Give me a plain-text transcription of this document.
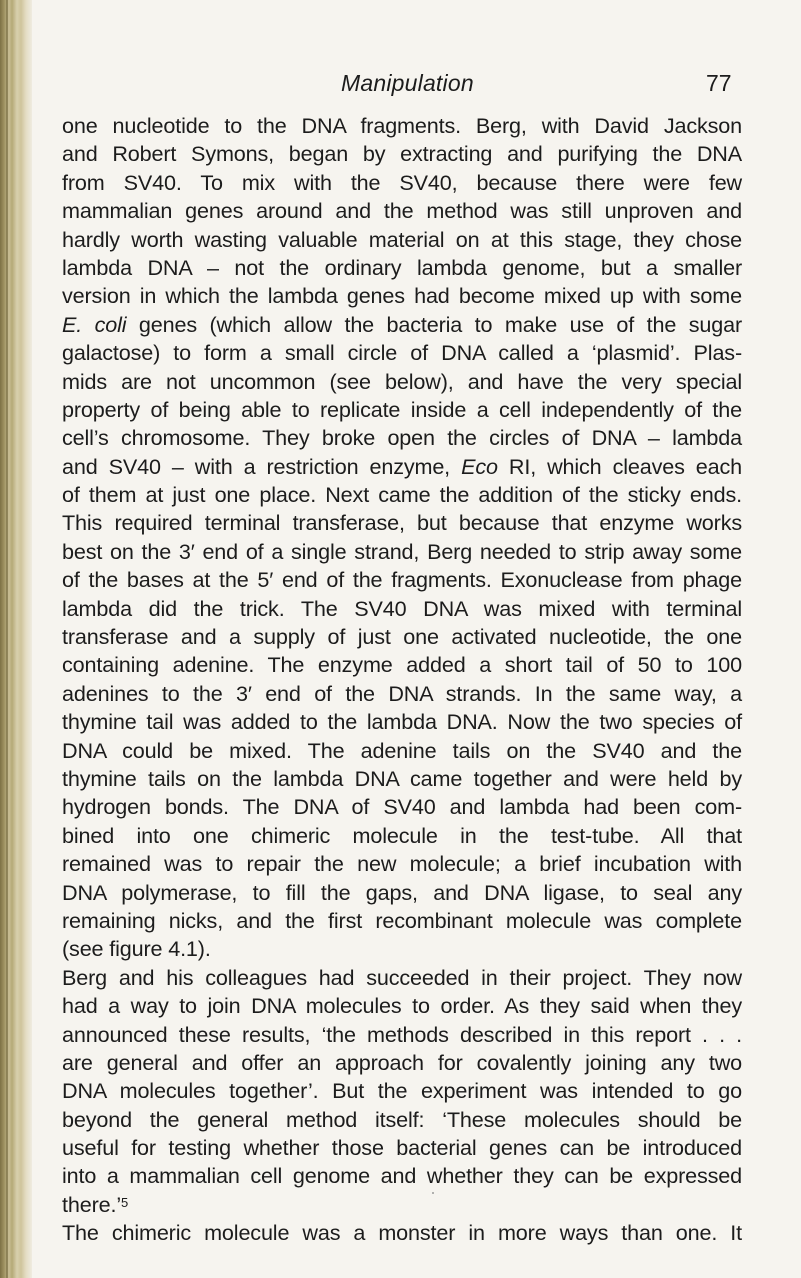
Manipulation	77
one nucleotide to the DNA fragments. Berg, with David Jackson
and Robert Symons, began by extracting and purifying the DNA
from SV40. To mix with the SV40, because there were few
mammalian genes around and the method was still unproven and
hardly worth wasting valuable material on at this stage, they chose
lambda DNA – not the ordinary lambda genome, but a smaller
version in which the lambda genes had become mixed up with some
E. coli genes (which allow the bacteria to make use of the sugar
galactose) to form a small circle of DNA called a ‘plasmid’. Plas-
mids are not uncommon (see below), and have the very special
property of being able to replicate inside a cell independently of the
cell’s chromosome. They broke open the circles of DNA – lambda
and SV40 – with a restriction enzyme, Eco RI, which cleaves each
of them at just one place. Next came the addition of the sticky ends.
This required terminal transferase, but because that enzyme works
best on the 3′ end of a single strand, Berg needed to strip away some
of the bases at the 5′ end of the fragments. Exonuclease from phage
lambda did the trick. The SV40 DNA was mixed with terminal
transferase and a supply of just one activated nucleotide, the one
containing adenine. The enzyme added a short tail of 50 to 100
adenines to the 3′ end of the DNA strands. In the same way, a
thymine tail was added to the lambda DNA. Now the two species of
DNA could be mixed. The adenine tails on the SV40 and the
thymine tails on the lambda DNA came together and were held by
hydrogen bonds. The DNA of SV40 and lambda had been com-
bined into one chimeric molecule in the test-tube. All that
remained was to repair the new molecule; a brief incubation with
DNA polymerase, to fill the gaps, and DNA ligase, to seal any
remaining nicks, and the first recombinant molecule was complete
(see figure 4.1).
Berg and his colleagues had succeeded in their project. They now
had a way to join DNA molecules to order. As they said when they
announced these results, ‘the methods described in this report . . .
are general and offer an approach for covalently joining any two
DNA molecules together’. But the experiment was intended to go
beyond the general method itself: ‘These molecules should be
useful for testing whether those bacterial genes can be introduced
into a mammalian cell genome and whether they can be expressed
there.’$^5$
The chimeric molecule was a monster in more ways than one. It
